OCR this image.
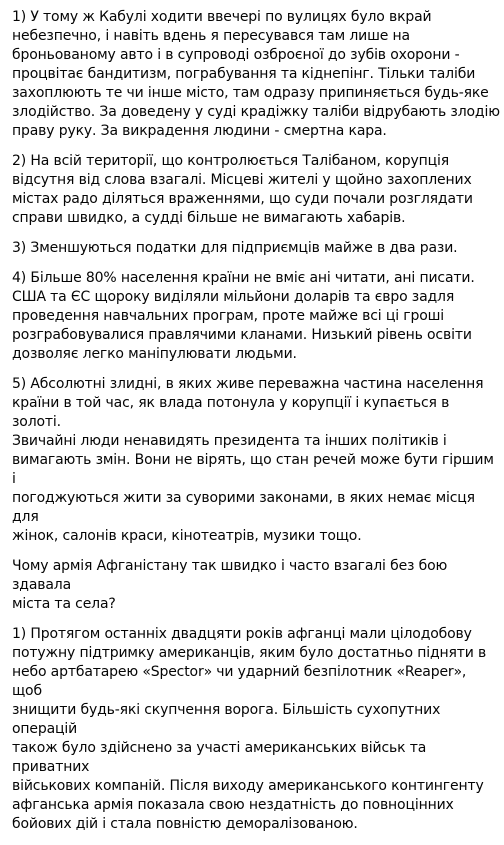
1) У тому ж Кабулі ходити ввечері по вулицях було вкрай
небезпечно, і навіть вдень я пересувався там лише на
броньованому авто і в супроводі озброєної до зубів охорони -
процвітає бандитизм, пограбування та кіднепінг. Тільки таліби
захоплюють те чи інше місто, там одразу припиняється будь-яке
злодійство. За доведену у суді крадіжку таліби відрубають злодію
праву руку. За викрадення людини - смертна кара.

2) На всій території, що контролюється Талібаном, корупція
відсутня від слова взагалі. Місцеві жителі у щойно захоплених
містах радо діляться враженнями, що суди почали розглядати
справи швидко, а судді більше не вимагають хабарів.

3) Зменшуються податки для підприємців майже в два рази.

4) Більше 80% населення країни не вміє ані читати, ані писати.
США та ЄС щороку виділяли мільйони доларів та євро задля
проведення навчальних програм, проте майже всі ці гроші
розграбовувалися правлячими кланами. Низький рівень освіти
дозволяє легко маніпулювати людьми.

5) Абсолютні злидні, в яких живе переважна частина населення
країни в той час, як влада потонула у корупції і купається в золоті.
Звичайні люди ненавидять президента та інших політиків і
вимагають змін. Вони не вірять, що стан речей може бути гіршим і
погоджуються жити за суворими законами, в яких немає місця для
жінок, салонів краси, кінотеатрів, музики тощо.

Чому армія Афганістану так швидко і часто взагалі без бою здавала
міста та села?

1) Протягом останніх двадцяти років афганці мали цілодобову
потужну підтримку американців, яким було достатньо підняти в
небо артбатарею «Spector» чи ударний безпілотник «Reaper», щоб
знищити будь-які скупчення ворога. Більшість сухопутних операцій
також було здійснено за участі американських військ та приватних
військових компаній. Після виходу американського контингенту
афганська армія показала свою нездатність до повноцінних
бойових дій і стала повністю деморалізованою.
